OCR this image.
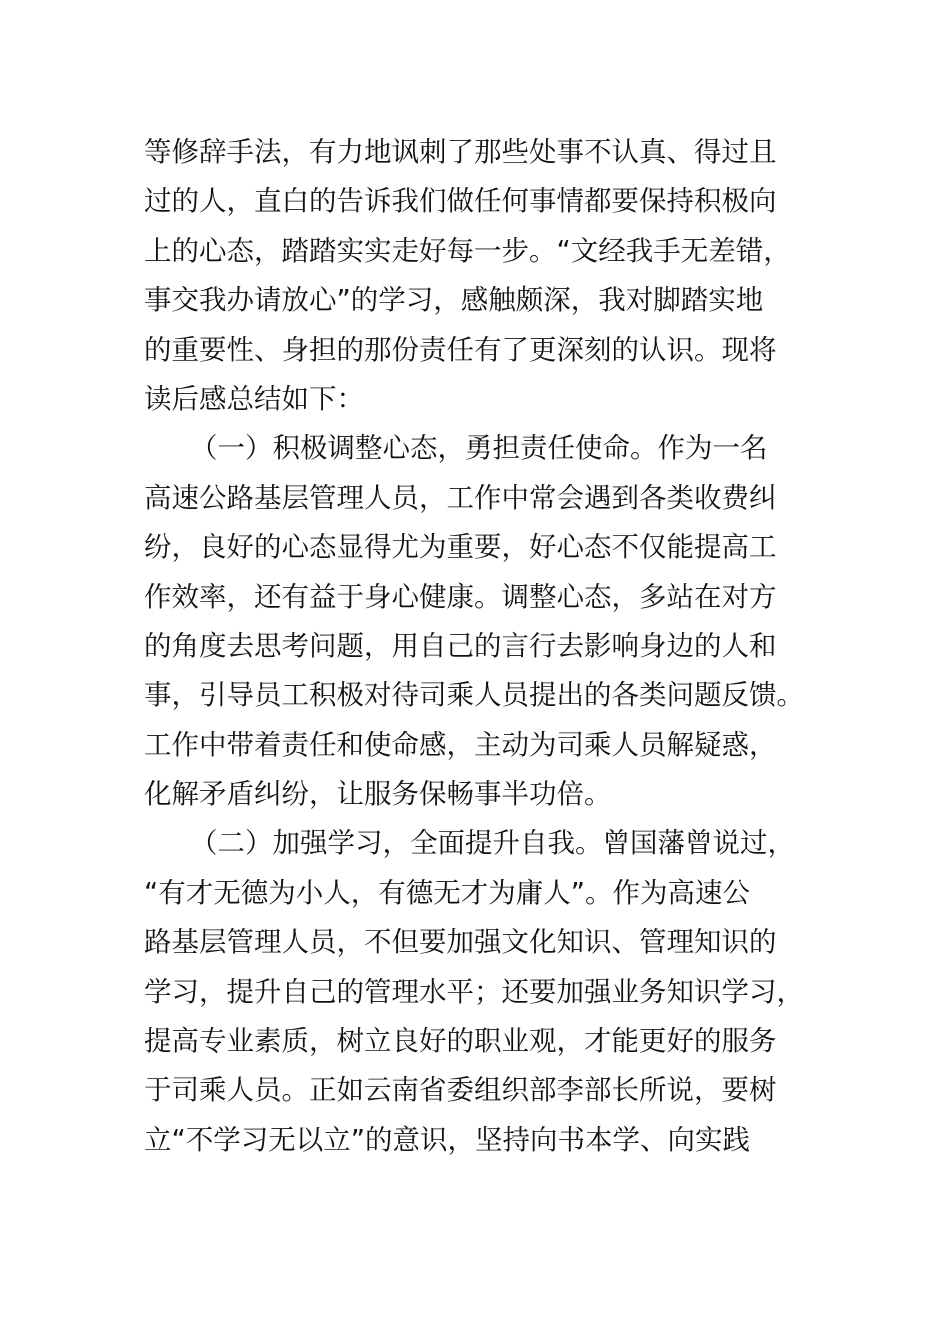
等修辞手法，有力地讽刺了那些处事不认真、得过且
过的人，直白的告诉我们做任何事情都要保持积极向
上的心态，踏踏实实走好每一步。“文经我手无差错，
事交我办请放心”的学习，感触颇深，我对脚踏实地
的重要性、身担的那份责任有了更深刻的认识。现将
读后感总结如下：
（一）积极调整心态，勇担责任使命。作为一名
高速公路基层管理人员，工作中常会遇到各类收费纠
纷，良好的心态显得尤为重要，好心态不仅能提高工
作效率，还有益于身心健康。调整心态，多站在对方
的角度去思考问题，用自己的言行去影响身边的人和
事，引导员工积极对待司乘人员提出的各类问题反馈。
工作中带着责任和使命感，主动为司乘人员解疑惑，
化解矛盾纠纷，让服务保畅事半功倍。
（二）加强学习，全面提升自我。曾国藩曾说过，
“有才无德为小人，有德无才为庸人”。作为高速公
路基层管理人员，不但要加强文化知识、管理知识的
学习，提升自己的管理水平；还要加强业务知识学习，
提高专业素质，树立良好的职业观，才能更好的服务
于司乘人员。正如云南省委组织部李部长所说，要树
立“不学习无以立”的意识，坚持向书本学、向实践
